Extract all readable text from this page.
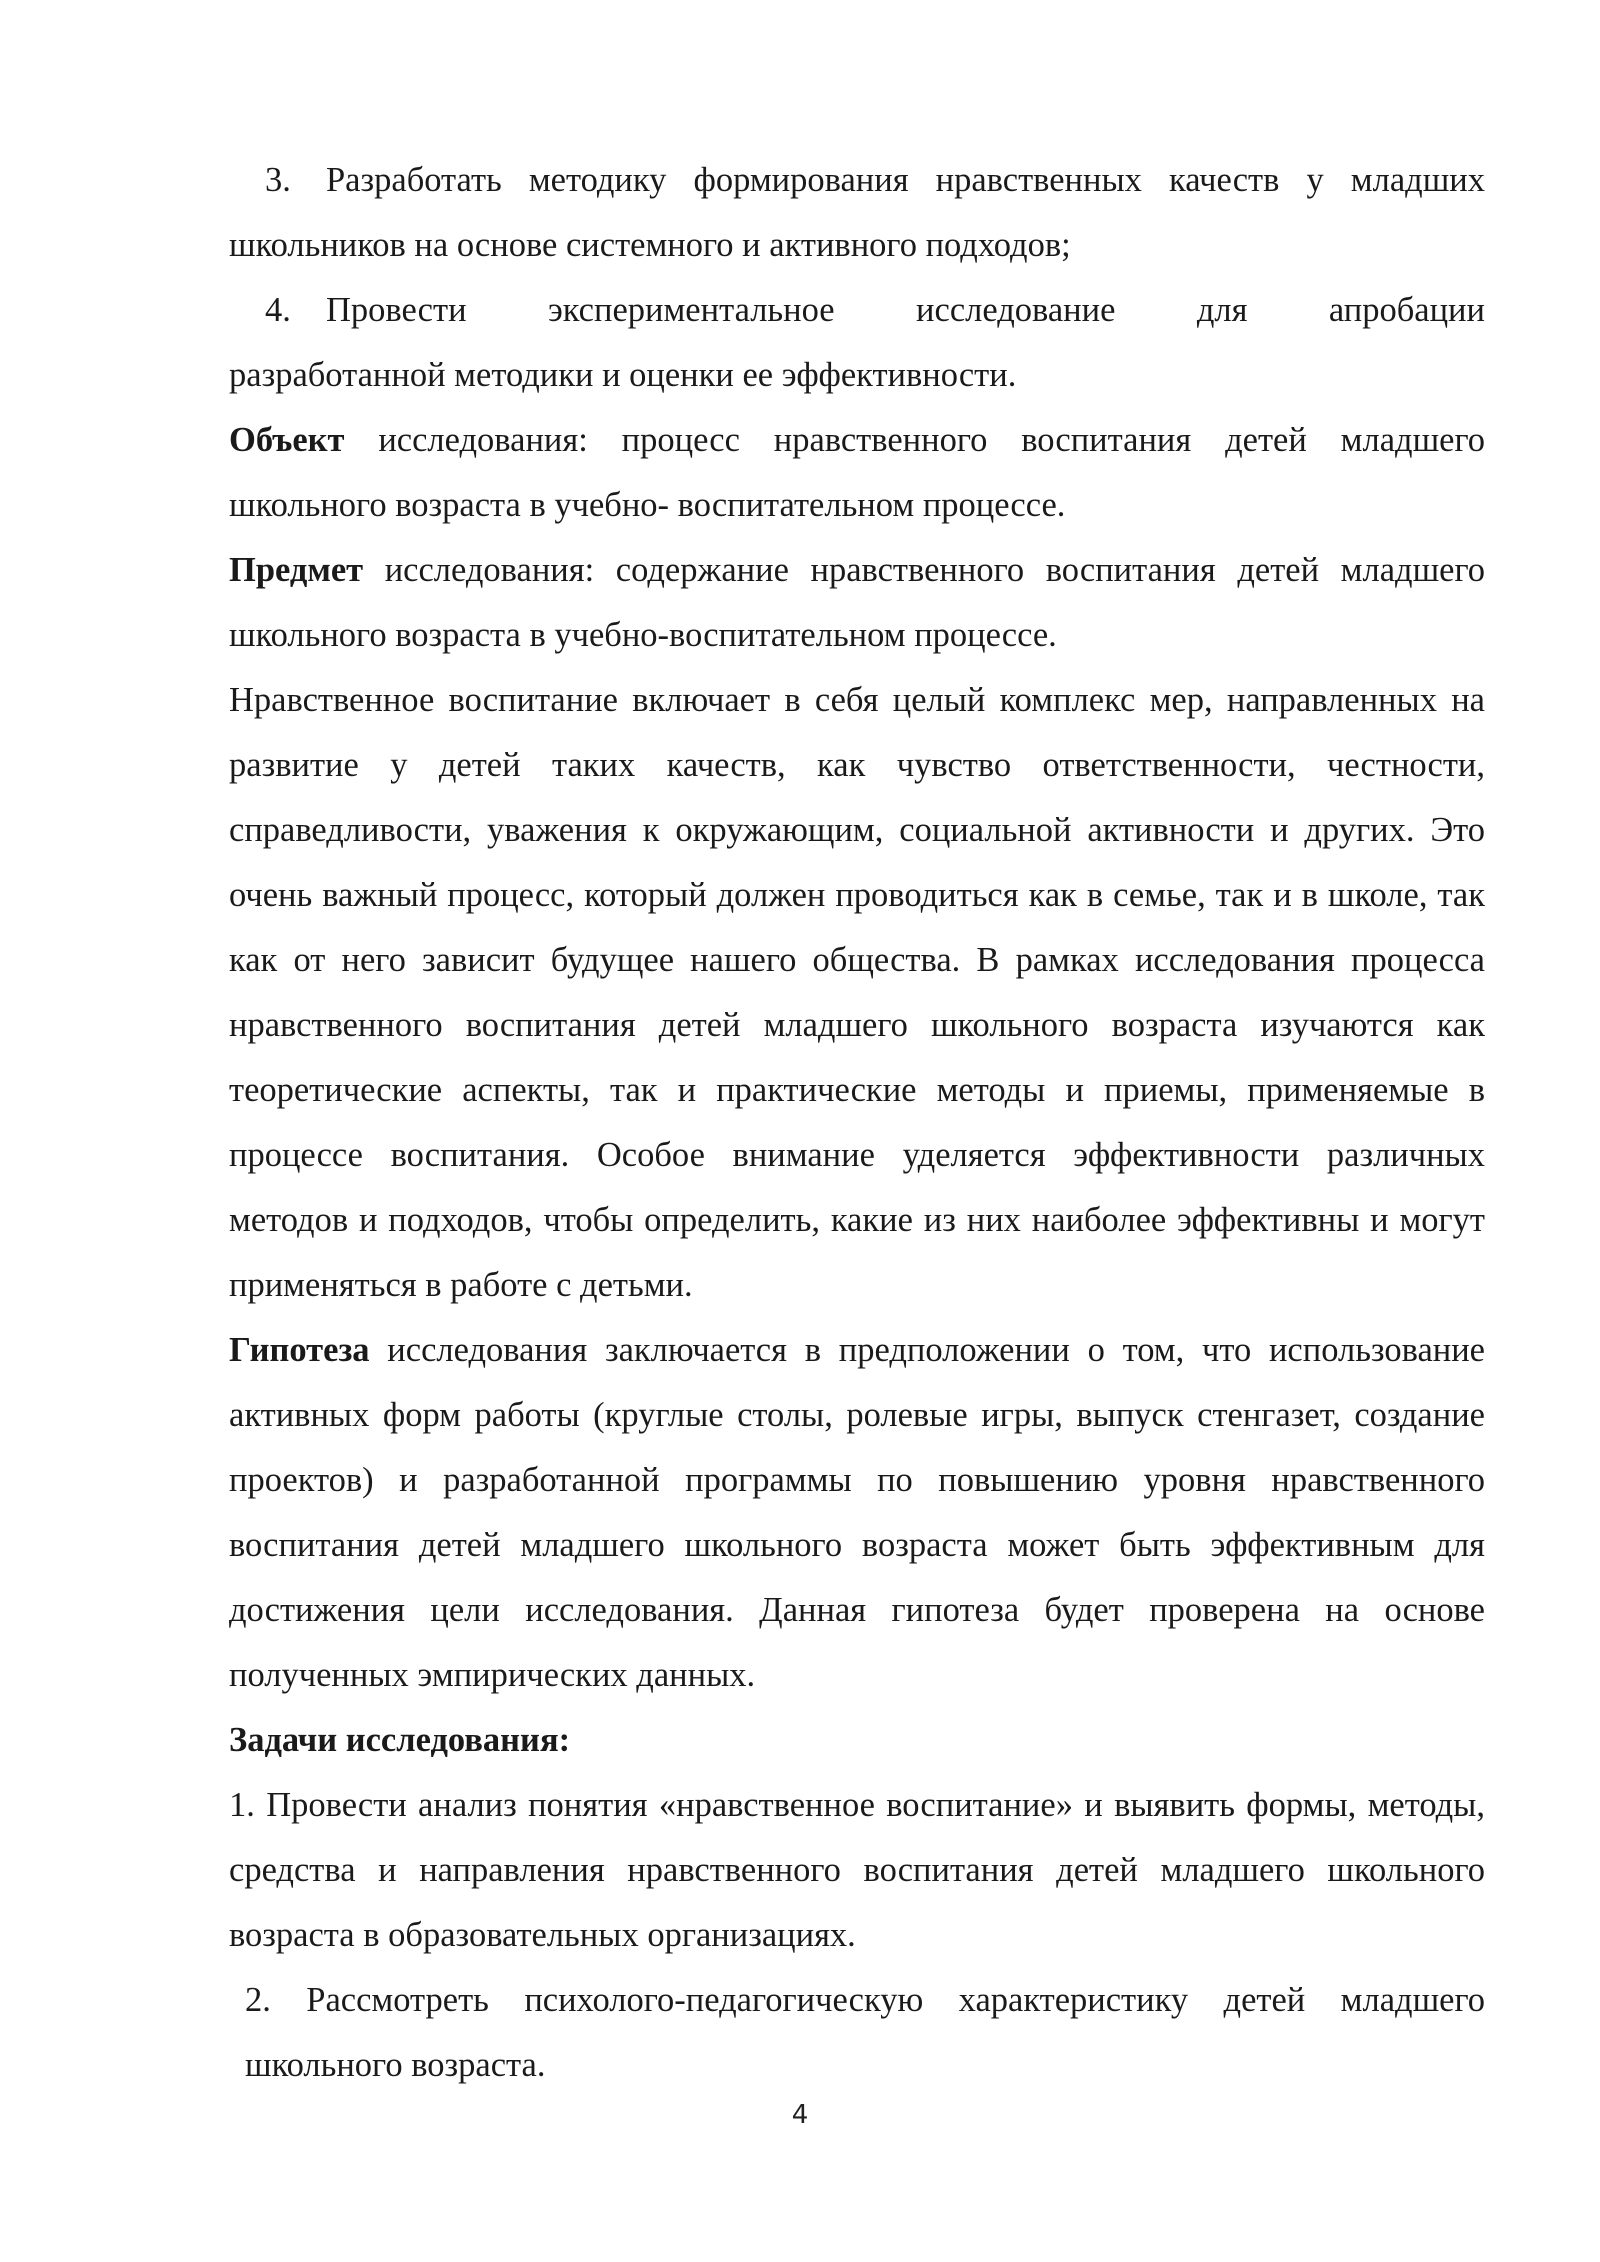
3.	Разработать методику формирования нравственных качеств у младших

школьников на основе системного и активного подходов;

4.	Провести экспериментальное исследование для апробации

разработанной методики и оценки ее эффективности.

Объект исследования: процесс нравственного воспитания детей младшего школьного возраста в учебно- воспитательном процессе.

Предмет исследования: содержание нравственного воспитания детей младшего школьного возраста в учебно-воспитательном процессе.

Нравственное воспитание включает в себя целый комплекс мер, направленных на развитие у детей таких качеств, как чувство ответственности, честности, справедливости, уважения к окружающим, социальной активности и других. Это очень важный процесс, который должен проводиться как в семье, так и в школе, так как от него зависит будущее нашего общества. В рамках исследования процесса нравственного воспитания детей младшего школьного возраста изучаются как теоретические аспекты, так и практические методы и приемы, применяемые в процессе воспитания. Особое внимание уделяется эффективности различных методов и подходов, чтобы определить, какие из них наиболее эффективны и могут применяться в работе с детьми.

Гипотеза исследования заключается в предположении о том, что использование активных форм работы (круглые столы, ролевые игры, выпуск стенгазет, создание проектов) и разработанной программы по повышению уровня нравственного воспитания детей младшего школьного возраста может быть эффективным для достижения цели исследования. Данная гипотеза будет проверена на основе полученных эмпирических данных.

Задачи исследования:

1. Провести анализ понятия «нравственное воспитание» и выявить формы, методы, средства и направления нравственного воспитания детей младшего школьного возраста в образовательных организациях.

2. Рассмотреть психолого-педагогическую характеристику детей младшего школьного возраста.

4
